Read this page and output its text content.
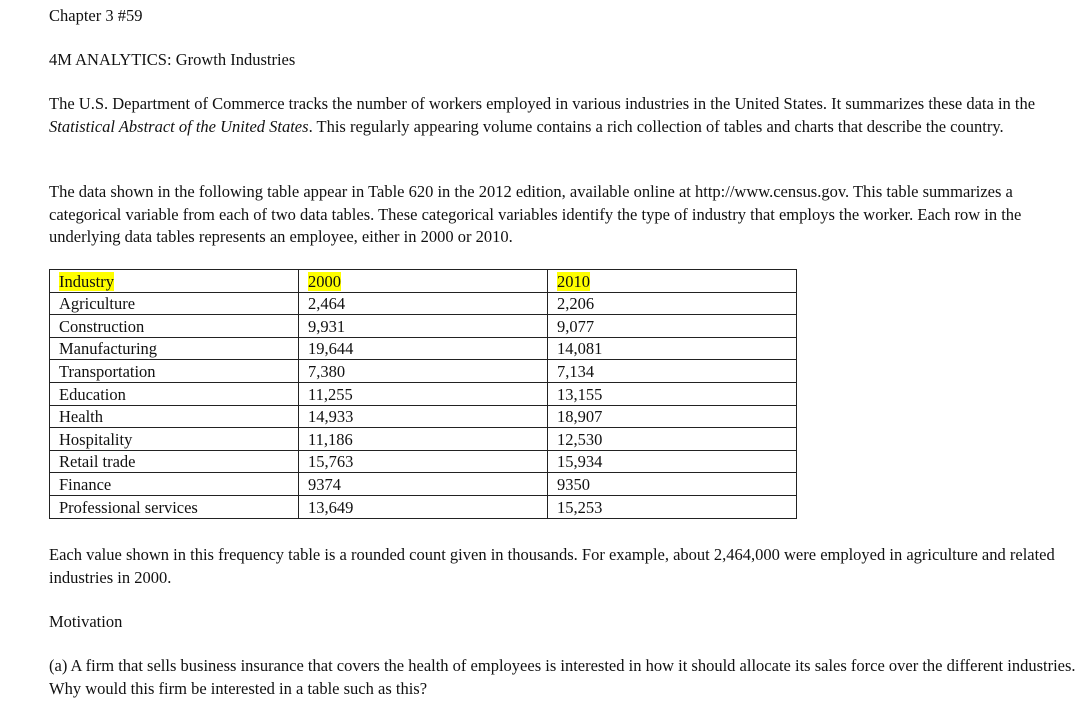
Chapter 3 #59

4M ANALYTICS: Growth Industries

The U.S. Department of Commerce tracks the number of workers employed in various industries in the United States. It summarizes these data in the Statistical Abstract of the United States. This regularly appearing volume contains a rich collection of tables and charts that describe the country.

The data shown in the following table appear in Table 620 in the 2012 edition, available online at http://www.census.gov. This table summarizes a categorical variable from each of two data tables. These categorical variables identify the type of industry that employs the worker. Each row in the underlying data tables represents an employee, either in 2000 or 2010.

Industry	2000	2010
Agriculture	2,464	2,206
Construction	9,931	9,077
Manufacturing	19,644	14,081
Transportation	7,380	7,134
Education	11,255	13,155
Health	14,933	18,907
Hospitality	11,186	12,530
Retail trade	15,763	15,934
Finance	9374	9350
Professional services	13,649	15,253

Each value shown in this frequency table is a rounded count given in thousands. For example, about 2,464,000 were employed in agriculture and related industries in 2000.

Motivation

(a) A firm that sells business insurance that covers the health of employees is interested in how it should allocate its sales force over the different industries. Why would this firm be interested in a table such as this?
